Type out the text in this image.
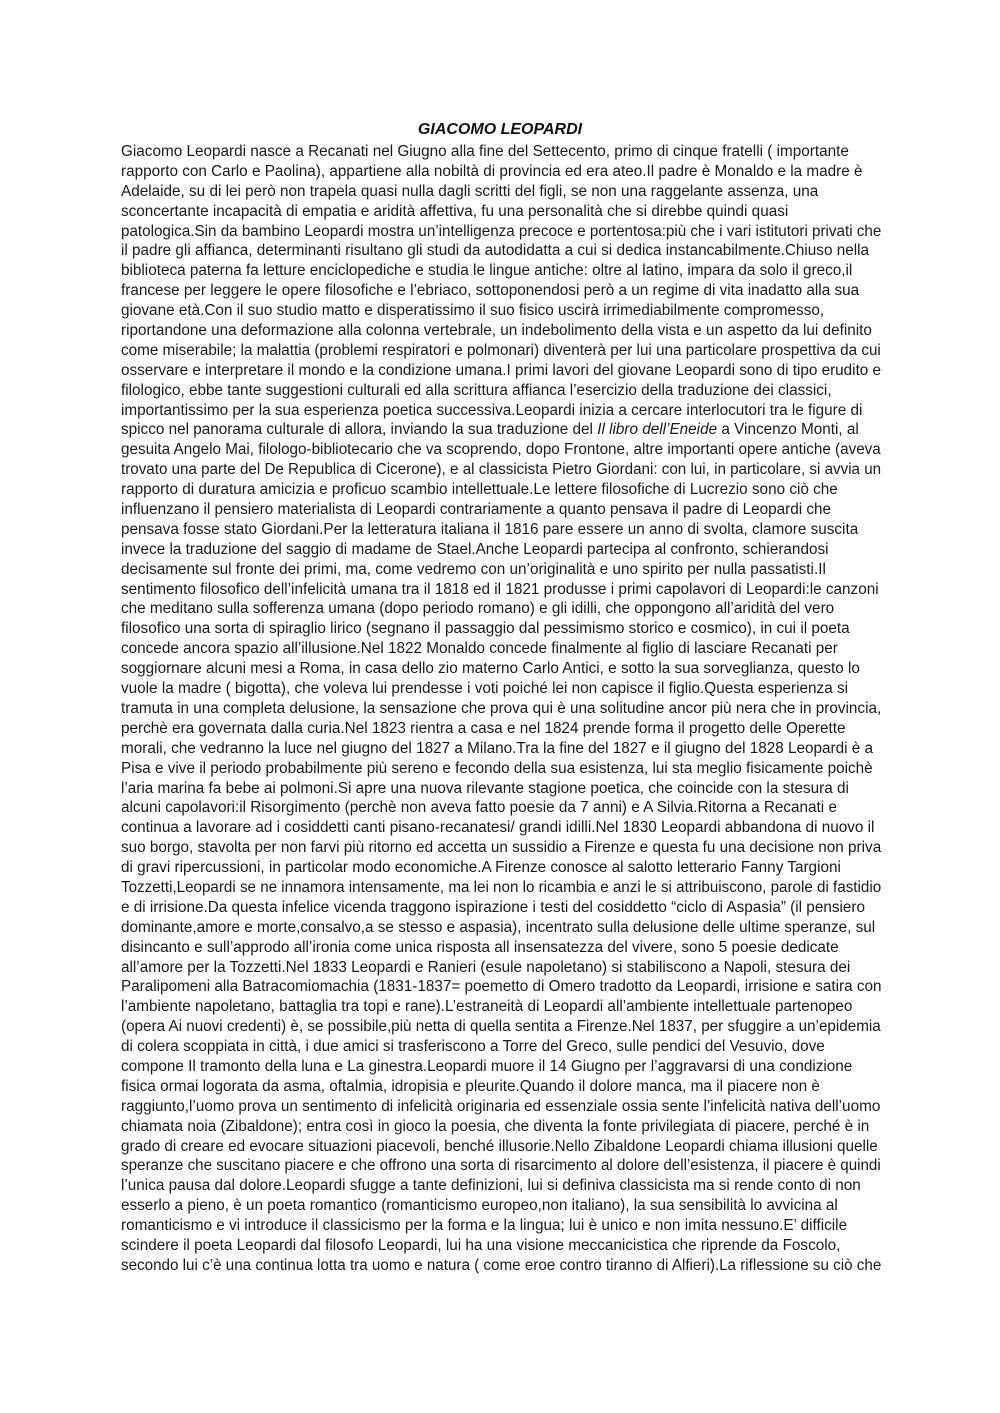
GIACOMO LEOPARDI
Giacomo Leopardi nasce a Recanati nel Giugno alla fine del Settecento, primo di cinque fratelli ( importante
rapporto con Carlo e Paolina), appartiene alla nobiltà di provincia ed era ateo.Il padre è Monaldo e la madre è
Adelaide, su di lei però non trapela quasi nulla dagli scritti del figli, se non una raggelante assenza, una
sconcertante incapacità di empatia e aridità affettiva, fu una personalità che si direbbe quindi quasi
patologica.Sin da bambino Leopardi mostra un’intelligenza precoce e portentosa:più che i vari istitutori privati che
il padre gli affianca, determinanti risultano gli studi da autodidatta a cui si dedica instancabilmente.Chiuso nella
biblioteca paterna fa letture enciclopediche e studia le lingue antiche: oltre al latino, impara da solo il greco,il
francese per leggere le opere filosofiche e l’ebriaco, sottoponendosi però a un regime di vita inadatto alla sua
giovane età.Con il suo studio matto e disperatissimo il suo fisico uscirà irrimediabilmente compromesso,
riportandone una deformazione alla colonna vertebrale, un indebolimento della vista e un aspetto da lui definito
come miserabile; la malattia (problemi respiratori e polmonari) diventerà per lui una particolare prospettiva da cui
osservare e interpretare il mondo e la condizione umana.I primi lavori del giovane Leopardi sono di tipo erudito e
filologico, ebbe tante suggestioni culturali ed alla scrittura affianca l’esercizio della traduzione dei classici,
importantissimo per la sua esperienza poetica successiva.Leopardi inizia a cercare interlocutori tra le figure di
spicco nel panorama culturale di allora, inviando la sua traduzione del Il libro dell’Eneide a Vincenzo Monti, al
gesuita Angelo Mai, filologo-bibliotecario che va scoprendo, dopo Frontone, altre importanti opere antiche (aveva
trovato una parte del De Republica di Cicerone), e al classicista Pietro Giordani: con lui, in particolare, si avvia un
rapporto di duratura amicizia e proficuo scambio intellettuale.Le lettere filosofiche di Lucrezio sono ciò che
influenzano il pensiero materialista di Leopardi contrariamente a quanto pensava il padre di Leopardi che
pensava fosse stato Giordani.Per la letteratura italiana il 1816 pare essere un anno di svolta, clamore suscita
invece la traduzione del saggio di madame de Stael.Anche Leopardi partecipa al confronto, schierandosi
decisamente sul fronte dei primi, ma, come vedremo con un’originalità e uno spirito per nulla passatisti.Il
sentimento filosofico dell’infelicità umana tra il 1818 ed il 1821 produsse i primi capolavori di Leopardi:le canzoni
che meditano sulla sofferenza umana (dopo periodo romano) e gli idilli, che oppongono all’aridità del vero
filosofico una sorta di spiraglio lirico (segnano il passaggio dal pessimismo storico e cosmico), in cui il poeta
concede ancora spazio all’illusione.Nel 1822 Monaldo concede finalmente al figlio di lasciare Recanati per
soggiornare alcuni mesi a Roma, in casa dello zio materno Carlo Antici, e sotto la sua sorveglianza, questo lo
vuole la madre ( bigotta), che voleva lui prendesse i voti poiché lei non capisce il figlio.Questa esperienza si
tramuta in una completa delusione, la sensazione che prova qui è una solitudine ancor più nera che in provincia,
perchè era governata dalla curia.Nel 1823 rientra a casa e nel 1824 prende forma il progetto delle Operette
morali, che vedranno la luce nel giugno del 1827 a Milano.Tra la fine del 1827 e il giugno del 1828 Leopardi è a
Pisa e vive il periodo probabilmente più sereno e fecondo della sua esistenza, lui sta meglio fisicamente poichè
l’aria marina fa bebe ai polmoni.Si apre una nuova rilevante stagione poetica, che coincide con la stesura di
alcuni capolavori:il Risorgimento (perchè non aveva fatto poesie da 7 anni) e A Silvia.Ritorna a Recanati e
continua a lavorare ad i cosiddetti canti pisano-recanatesi/ grandi idilli.Nel 1830 Leopardi abbandona di nuovo il
suo borgo, stavolta per non farvi più ritorno ed accetta un sussidio a Firenze e questa fu una decisione non priva
di gravi ripercussioni, in particolar modo economiche.A Firenze conosce al salotto letterario Fanny Targioni
Tozzetti,Leopardi se ne innamora intensamente, ma lei non lo ricambia e anzi le si attribuiscono, parole di fastidio
e di irrisione.Da questa infelice vicenda traggono ispirazione i testi del cosiddetto “ciclo di Aspasia” (il pensiero
dominante,amore e morte,consalvo,a se stesso e aspasia), incentrato sulla delusione delle ultime speranze, sul
disincanto e sull’approdo all’ironia come unica risposta all insensatezza del vivere, sono 5 poesie dedicate
all’amore per la Tozzetti.Nel 1833 Leopardi e Ranieri (esule napoletano) si stabiliscono a Napoli, stesura dei
Paralipomeni alla Batracomiomachia (1831-1837= poemetto di Omero tradotto da Leopardi, irrisione e satira con
l’ambiente napoletano, battaglia tra topi e rane).L’estraneità di Leopardi all’ambiente intellettuale partenopeo
(opera Ai nuovi credenti) è, se possibile,più netta di quella sentita a Firenze.Nel 1837, per sfuggire a un’epidemia
di colera scoppiata in città, i due amici si trasferiscono a Torre del Greco, sulle pendici del Vesuvio, dove
compone Il tramonto della luna e La ginestra.Leopardi muore il 14 Giugno per l’aggravarsi di una condizione
fisica ormai logorata da asma, oftalmia, idropisia e pleurite.Quando il dolore manca, ma il piacere non è
raggiunto,l’uomo prova un sentimento di infelicità originaria ed essenziale ossia sente l’infelicità nativa dell’uomo
chiamata noia (Zibaldone); entra così in gioco la poesia, che diventa la fonte privilegiata di piacere, perché è in
grado di creare ed evocare situazioni piacevoli, benché illusorie.Nello Zibaldone Leopardi chiama illusioni quelle
speranze che suscitano piacere e che offrono una sorta di risarcimento al dolore dell’esistenza, il piacere è quindi
l’unica pausa dal dolore.Leopardi sfugge a tante definizioni, lui si definiva classicista ma si rende conto di non
esserlo a pieno, è un poeta romantico (romanticismo europeo,non italiano), la sua sensibilità lo avvicina al
romanticismo e vi introduce il classicismo per la forma e la lingua; lui è unico e non imita nessuno.E’ difficile
scindere il poeta Leopardi dal filosofo Leopardi, lui ha una visione meccanicistica che riprende da Foscolo,
secondo lui c’è una continua lotta tra uomo e natura ( come eroe contro tiranno di Alfieri).La riflessione su ciò che
